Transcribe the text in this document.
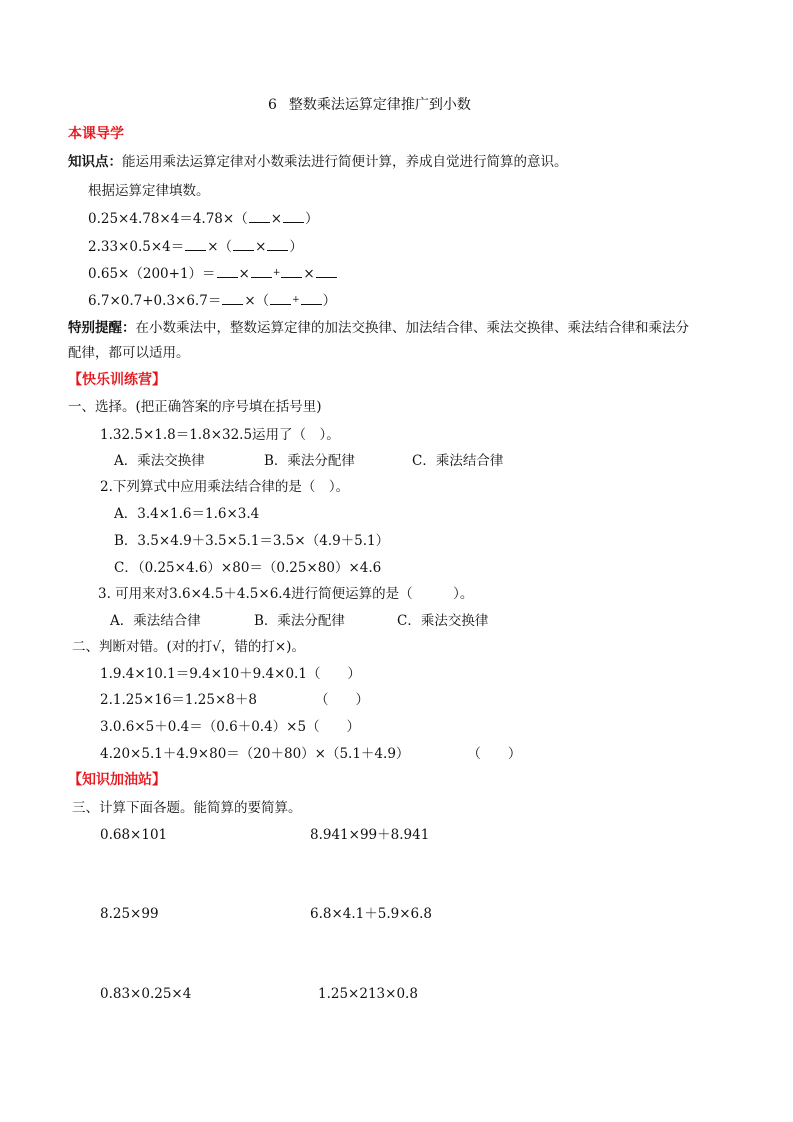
6 整数乘法运算定律推广到小数
本课导学
知识点：能运用乘法运算定律对小数乘法进行简便计算，养成自觉进行简算的意识。
根据运算定律填数。
0.25×4.78×4＝4.78×（ × ）
2.33×0.5×4＝ ×（ × ）
0.65×（200+1）＝ ×	+ ×
6.7×0.7+0.3×6.7＝ ×（	+ ）
特别提醒：在小数乘法中，整数运算定律的加法交换律、加法结合律、乘法交换律、乘法结合律和乘法分
配律，都可以适用。
【快乐训练营】
一、选择。(把正确答案的序号填在括号里)
1.32.5×1.8＝1.8×32.5运用了（　）。
A．乘法交换律	B．乘法分配律	C．乘法结合律
2.下列算式中应用乘法结合律的是（　）。
A．3.4×1.6＝1.6×3.4
B．3.5×4.9＋3.5×5.1＝3.5×（4.9＋5.1）
C．（0.25×4.6）×80＝（0.25×80）×4.6
3. 可用来对3.6×4.5＋4.5×6.4进行简便运算的是（　　　）。
A．乘法结合律	B．乘法分配律	C．乘法交换律
二、判断对错。(对的打√，错的打×)。
1.9.4×10.1＝9.4×10＋9.4×0.1（　　）
2.1.25×16＝1.25×8＋8	（　　）
3.0.6×5＋0.4＝（0.6＋0.4）×5（　　）
4.20×5.1＋4.9×80＝（20＋80）×（5.1＋4.9）	（　　）
【知识加油站】
三、计算下面各题。能简算的要简算。
0.68×101	8.941×99＋8.941
8.25×99	6.8×4.1＋5.9×6.8
0.83×0.25×4	1.25×213×0.8
